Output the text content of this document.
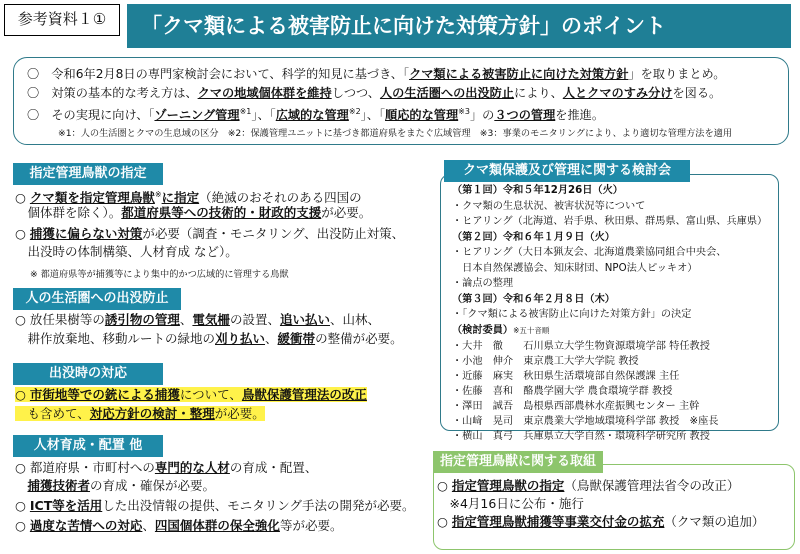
参考資料１①	「クマ類による被害防止に向けた対策方針」のポイント
〇　令和6年2月8日の専門家検討会において、科学的知見に基づき、「クマ類による被害防止に向けた対策方針」を取りまとめ。
〇　対策の基本的な考え方は、クマの地域個体群を維持しつつ、人の生活圏への出没防止により、人とクマのすみ分けを図る。
〇　その実現に向け、「ゾーニング管理$^{※1}$」、「広域的な管理$^{※2}$」、「順応的な管理$^{※3}$」の３つの管理を推進。
※1：人の生活圏とクマの生息域の区分　※2：保護管理ユニットに基づき都道府県をまたぐ広域管理　※3：事業のモニタリングにより、より適切な管理方法を適用
指定管理鳥獣の指定
○ クマ類を指定管理鳥獣※に指定（絶滅のおそれのある四国の
　個体群を除く）。都道府県等への技術的・財政的支援が必要。
○ 捕獲に偏らない対策が必要（調査・モニタリング、出没防止対策、
　出没時の体制構築、人材育成 など）。
※ 都道府県等が捕獲等により集中的かつ広域的に管理する鳥獣
人の生活圏への出没防止
○ 放任果樹等の誘引物の管理、電気柵の設置、追い払い、山林、
　耕作放棄地、移動ルートの緑地の刈り払い、緩衝帯の整備が必要。
出没時の対応
○ 市街地等での銃による捕獲について、鳥獣保護管理法の改正
　も含めて、対応方針の検討・整理が必要。
人材育成・配置 他
○ 都道府県・市町村への専門的な人材の育成・配置、
　捕獲技術者の育成・確保が必要。
○ ICT等を活用した出没情報の提供、モニタリング手法の開発が必要。
○ 過度な苦情への対応、四国個体群の保全強化等が必要。
クマ類保護及び管理に関する検討会
（第１回）令和５年12月26日（火）
・クマ類の生息状況、被害状況等について
・ヒアリング（北海道、岩手県、秋田県、群馬県、富山県、兵庫県）
（第２回）令和６年１月９日（火）
・ヒアリング（大日本猟友会、北海道農業協同組合中央会、
　日本自然保護協会、知床財団、NPO法人ピッキオ）
・論点の整理
（第３回）令和６年２月８日（木）
・「クマ類による被害防止に向けた対策方針」の決定
（検討委員）※五十音順
・大井　徹　　石川県立大学生物資源環境学部 特任教授
・小池　伸介　東京農工大学大学院 教授
・近藤　麻実　秋田県生活環境部自然保護課 主任
・佐藤　喜和　酪農学園大学 農食環境学群 教授
・澤田　誠吾　島根県西部農林水産振興センター 主幹
・山﨑　晃司　東京農業大学地域環境科学部 教授　※座長
・横山　真弓　兵庫県立大学自然・環境科学研究所 教授
指定管理鳥獣に関する取組
○ 指定管理鳥獣の指定（鳥獣保護管理法省令の改正）
　※4月16日に公布・施行
○ 指定管理鳥獣捕獲等事業交付金の拡充（クマ類の追加）
